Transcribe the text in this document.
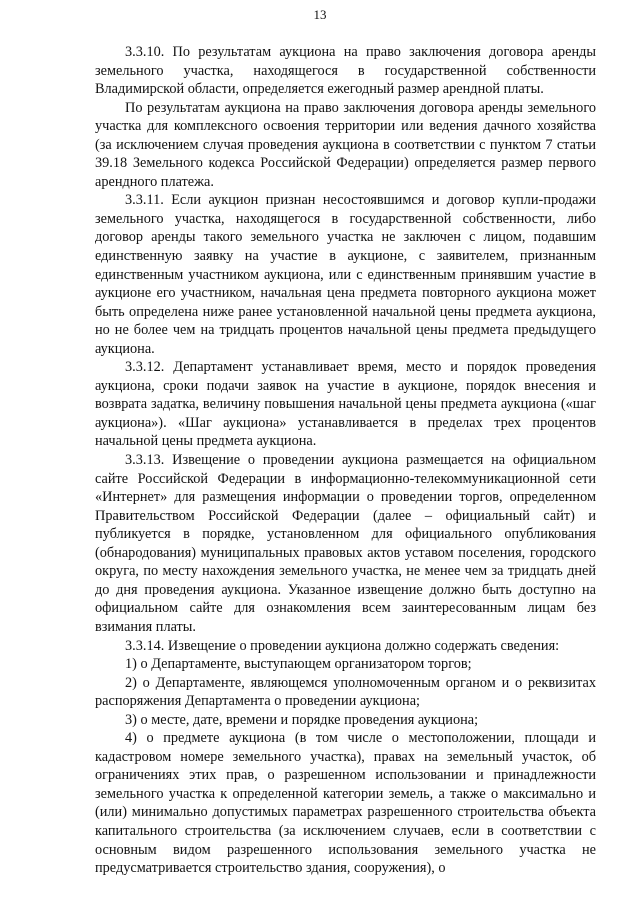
13

3.3.10. По результатам аукциона на право заключения договора аренды земельного участка, находящегося в государственной собственности Владимирской области, определяется ежегодный размер арендной платы.

По результатам аукциона на право заключения договора аренды земельного участка для комплексного освоения территории или ведения дачного хозяйства (за исключением случая проведения аукциона в соответствии с пунктом 7 статьи 39.18 Земельного кодекса Российской Федерации) определяется размер первого арендного платежа.

3.3.11. Если аукцион признан несостоявшимся и договор купли-продажи земельного участка, находящегося в государственной собственности, либо договор аренды такого земельного участка не заключен с лицом, подавшим единственную заявку на участие в аукционе, с заявителем, признанным единственным участником аукциона, или с единственным принявшим участие в аукционе его участником, начальная цена предмета повторного аукциона может быть определена ниже ранее установленной начальной цены предмета аукциона, но не более чем на тридцать процентов начальной цены предмета предыдущего аукциона.

3.3.12. Департамент устанавливает время, место и порядок проведения аукциона, сроки подачи заявок на участие в аукционе, порядок внесения и возврата задатка, величину повышения начальной цены предмета аукциона («шаг аукциона»). «Шаг аукциона» устанавливается в пределах трех процентов начальной цены предмета аукциона.

3.3.13. Извещение о проведении аукциона размещается на официальном сайте Российской Федерации в информационно-телекоммуникационной сети «Интернет» для размещения информации о проведении торгов, определенном Правительством Российской Федерации (далее – официальный сайт) и публикуется в порядке, установленном для официального опубликования (обнародования) муниципальных правовых актов уставом поселения, городского округа, по месту нахождения земельного участка, не менее чем за тридцать дней до дня проведения аукциона. Указанное извещение должно быть доступно на официальном сайте для ознакомления всем заинтересованным лицам без взимания платы.

3.3.14. Извещение о проведении аукциона должно содержать сведения:

1) о Департаменте, выступающем организатором торгов;

2) о Департаменте, являющемся уполномоченным органом и о реквизитах распоряжения Департамента о проведении аукциона;

3) о месте, дате, времени и порядке проведения аукциона;

4) о предмете аукциона (в том числе о местоположении, площади и кадастровом номере земельного участка), правах на земельный участок, об ограничениях этих прав, о разрешенном использовании и принадлежности земельного участка к определенной категории земель, а также о максимально и (или) минимально допустимых параметрах разрешенного строительства объекта капитального строительства (за исключением случаев, если в соответствии с основным видом разрешенного использования земельного участка не предусматривается строительство здания, сооружения), о
